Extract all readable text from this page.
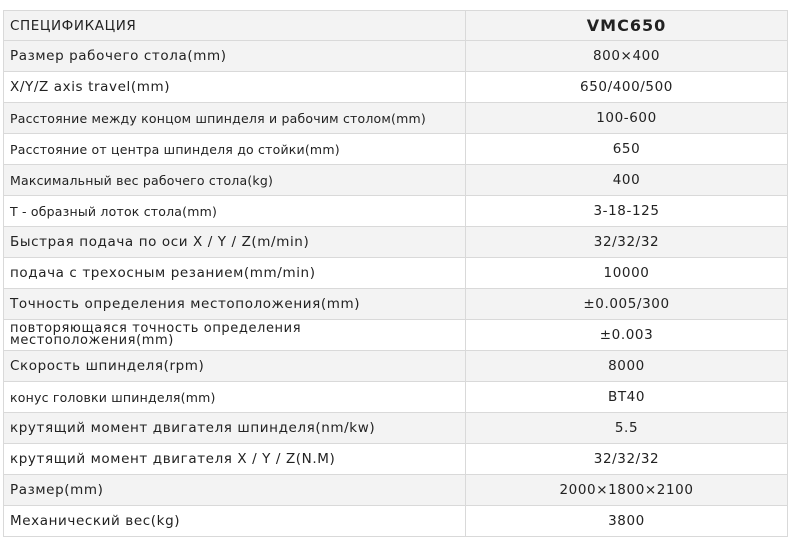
СПЕЦИФИКАЦИЯ	VMC650
Размер рабочего стола(mm)	800×400
X/Y/Z axis travel(mm)	650/400/500
Расстояние между концом шпинделя и рабочим столом(mm)	100-600
Расстояние от центра шпинделя до стойки(mm)	650
Максимальный вес рабочего стола(kg)	400
T - образный лоток стола(mm)	3-18-125
Быстрая подача по оси X / Y / Z(m/min)	32/32/32
подача с трехосным резанием(mm/min)	10000
Точность определения местоположения(mm)	±0.005/300
повторяющаяся точность определения местоположения(mm)	±0.003
Скорость шпинделя(rpm)	8000
конус головки шпинделя(mm)	BT40
крутящий момент двигателя шпинделя(nm/kw)	5.5
крутящий момент двигателя X / Y / Z(N.M)	32/32/32
Размер(mm)	2000×1800×2100
Механический вес(kg)	3800
